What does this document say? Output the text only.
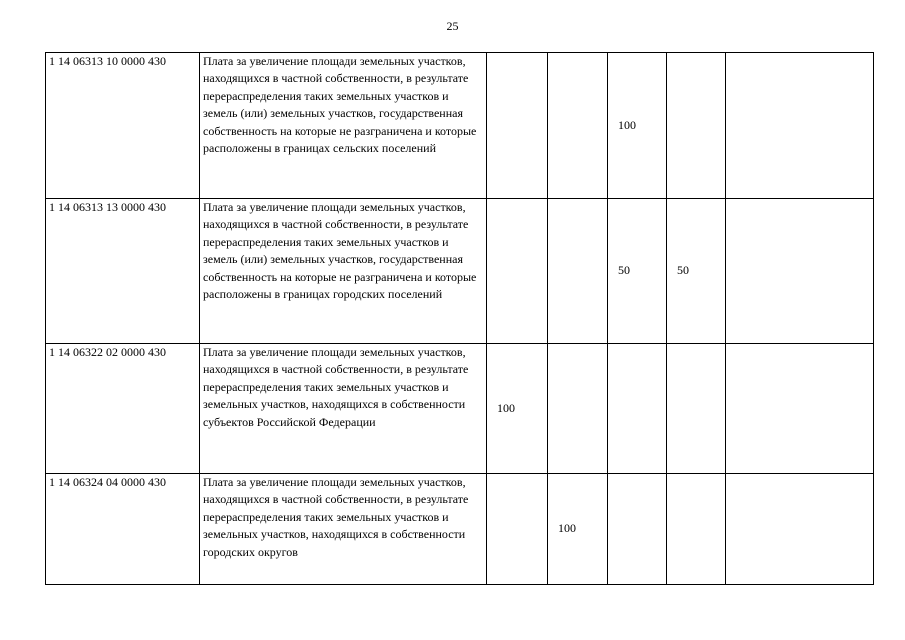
25
1 14 06313 10 0000 430	Плата за увеличение площади земельных участков, находящихся в частной собственности, в результате перераспределения таких земельных участков и земель (или) земельных участков, государственная собственность на которые не разграничена и которые расположены в границах сельских поселений			100		
1 14 06313 13 0000 430	Плата за увеличение площади земельных участков, находящихся в частной собственности, в результате перераспределения таких земельных участков и земель (или) земельных участков, государственная собственность на которые не разграничена и которые расположены в границах городских поселений			50	50	
1 14 06322 02 0000 430	Плата за увеличение площади земельных участков, находящихся в частной собственности, в результате перераспределения таких земельных участков и земельных участков, находящихся в собственности субъектов Российской Федерации	100				
1 14 06324 04 0000 430	Плата за увеличение площади земельных участков, находящихся в частной собственности, в результате перераспределения таких земельных участков и земельных участков, находящихся в собственности городских округов		100			
